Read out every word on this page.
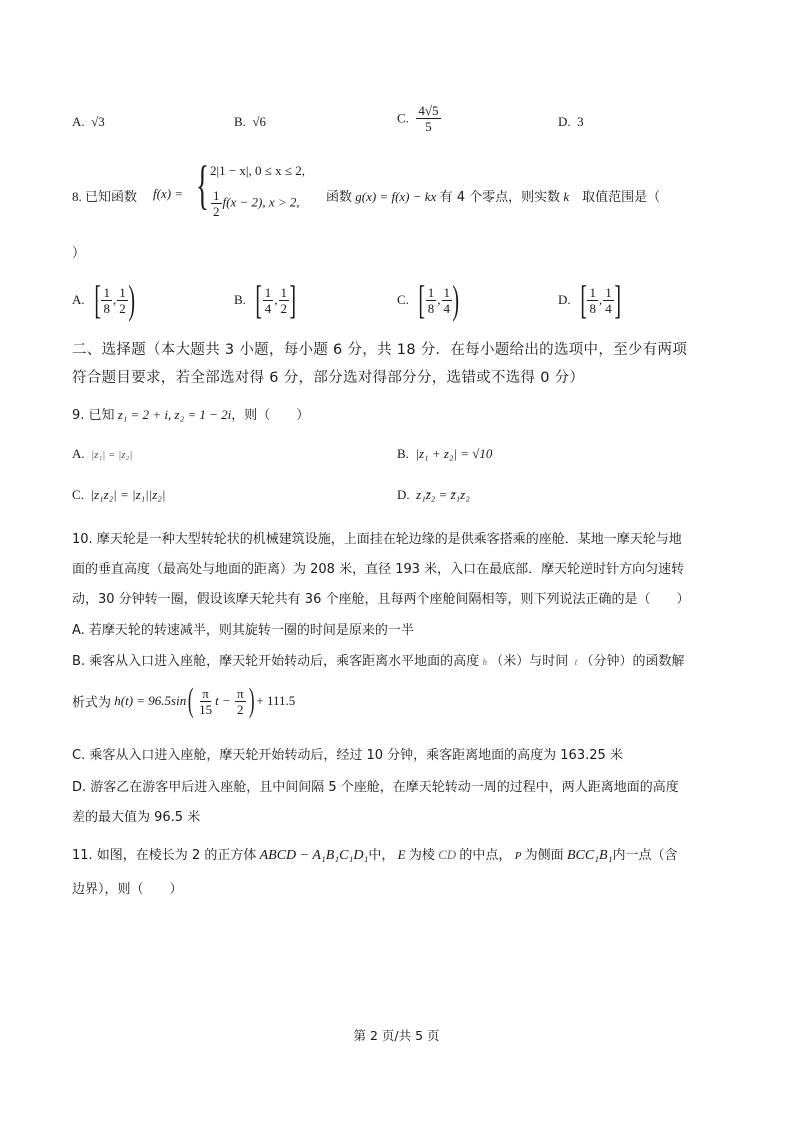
A. √3	B. √6	C. $\frac{4√5}{5}$	D. 3
8. 已知函数 f(x) = { 2|1 − x|, 0 ≤ x ≤ 2,
$\frac{1}{2} f(x - 2)$, x > 2, 函数 g(x) = f(x) − kx 有 4 个零点，则实数 k 取值范围是（
）
A. [ $\frac{1}{8}$ , $\frac{1}{2}$ )	B. [ $\frac{1}{4}$ , $\frac{1}{2}$ ]	C. [ $\frac{1}{8}$ , $\frac{1}{4}$ )	D. [ $\frac{1}{8}$ , $\frac{1}{4}$ ]
二、选择题（本大题共 3 小题，每小题 6 分，共 18 分．在每小题给出的选项中，至少有两项
符合题目要求，若全部选对得 6 分，部分选对得部分分，选错或不选得 0 分）
9. 已知 z₁ = 2 + i, z₂ = 1 − 2i，则（　　）
A. |z₁| = |z₂|	B. |z₁ + z₂| = √10
C. |z₁z₂| = |z₁||z₂|	D. z₁z̄₂ = z̄₁z₂
10. 摩天轮是一种大型转轮状的机械建筑设施，上面挂在轮边缘的是供乘客搭乘的座舱．某地一摩天轮与地
面的垂直高度（最高处与地面的距离）为 208 米，直径 193 米，入口在最底部．摩天轮逆时针方向匀速转
动，30 分钟转一圈，假设该摩天轮共有 36 个座舱，且每两个座舱间隔相等，则下列说法正确的是（　　）
A. 若摩天轮的转速减半，则其旋转一圈的时间是原来的一半
B. 乘客从入口进入座舱，摩天轮开始转动后，乘客距离水平地面的高度 h （米）与时间 t （分钟）的函数解
析式为 h(t) = 96.5sin ( $\frac{\pi}{15}$ $t - \frac{\pi}{2}$ ) + 111.5
C. 乘客从入口进入座舱，摩天轮开始转动后，经过 10 分钟，乘客距离地面的高度为 163.25 米
D. 游客乙在游客甲后进入座舱，且中间间隔 5 个座舱，在摩天轮转动一周的过程中，两人距离地面的高度
差的最大值为 96.5 米
11. 如图，在棱长为 2 的正方体 ABCD − A₁B₁C₁D₁中， E 为棱 CD 的中点， P 为侧面 BCC₁B₁内一点（含
边界），则（　　）
第 2 页/共 5 页
